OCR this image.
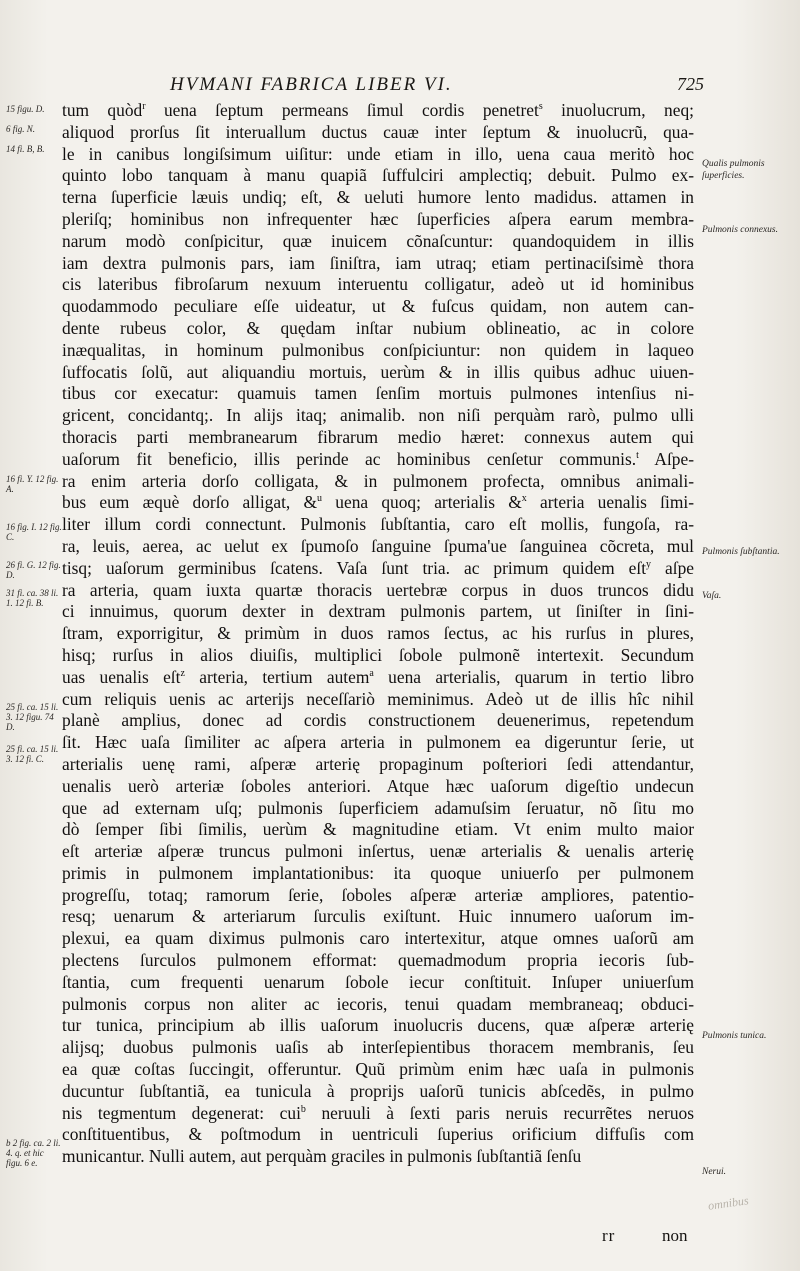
HVMANI FABRICA LIBER VI.	725
15 figu. D.
6 fig. N.
14 fi. B, B.
16 fi. Y. 12 fig. A.
16 fig. I. 12 fig. C.
26 fi. G. 12 fig. D.
31 fi. ca. 38 li. 1. 12 fi. B.
25 fi. ca. 15 li. 3. 12 figu. 74 D.
25 fi. ca. 15 li. 3. 12 fi. C.
b 2 fig. ca. 2 li. 4. q. et hic figu. 6 e.
tum quòd$^r$ uena ſeptum permeans ſimul cordis penetret$^s$ inuolucrum, neq;
aliquod prorſus ſit interuallum ductus cauæ inter ſeptum & inuolucrũ, qua-
le in canibus longiſsimum uiſitur: unde etiam in illo, uena caua meritò hoc
quinto lobo tanquam à manu quapiã ſuffulciri amplectiq; debuit. Pulmo ex-
terna ſuperficie læuis undiq; eſt, & ueluti humore lento madidus. attamen in
pleriſq; hominibus non infrequenter hæc ſuperficies aſpera earum membra-
narum modò conſpicitur, quæ inuicem cõnaſcuntur: quandoquidem in illis
iam dextra pulmonis pars, iam ſiniſtra, iam utraq; etiam pertinaciſsimè thora
cis lateribus fibroſarum nexuum interuentu colligatur, adeò ut id hominibus
quodammodo peculiare eſſe uideatur, ut & fuſcus quidam, non autem can-
dente rubeus color, & quędam inſtar nubium oblineatio, ac in colore
inæqualitas, in hominum pulmonibus conſpiciuntur: non quidem in laqueo
ſuffocatis ſolũ, aut aliquandiu mortuis, uerùm & in illis quibus adhuc uiuen-
tibus cor execatur: quamuis tamen ſenſim mortuis pulmones intenſius ni-
gricent, concidantq;. In alijs itaq; animalib. non niſi perquàm rarò, pulmo ulli
thoracis parti membranearum fibrarum medio hæret: connexus autem qui
uaſorum fit beneficio, illis perinde ac hominibus cenſetur communis.$^t$ Aſpe-
ra enim arteria dorſo colligata, & in pulmonem profecta, omnibus animali-
bus eum æquè dorſo alligat, &$^u$ uena quoq; arterialis &$^x$ arteria uenalis ſimi-
liter illum cordi connectunt. Pulmonis ſubſtantia, caro eſt mollis, fungoſa, ra-
ra, leuis, aerea, ac uelut ex ſpumoſo ſanguine ſpuma'ue ſanguinea cõcreta, mul
tisq; uaſorum germinibus ſcatens. Vaſa ſunt tria. ac primum quidem eſt$^y$ aſpe
ra arteria, quam iuxta quartæ thoracis uertebræ corpus in duos truncos didu
ci innuimus, quorum dexter in dextram pulmonis partem, ut ſiniſter in ſini-
ſtram, exporrigitur, & primùm in duos ramos ſectus, ac his rurſus in plures,
hisq; rurſus in alios diuiſis, multiplici ſobole pulmonẽ intertexit. Secundum
uas uenalis eſt$^z$ arteria, tertium autem$^a$ uena arterialis, quarum in tertio libro
cum reliquis uenis ac arterijs neceſſariò meminimus. Adeò ut de illis hîc nihil
planè amplius, donec ad cordis constructionem deuenerimus, repetendum
ſit. Hæc uaſa ſimiliter ac aſpera arteria in pulmonem ea digeruntur ſerie, ut
arterialis uenę rami, aſperæ arterię propaginum poſteriori ſedi attendantur,
uenalis uerò arteriæ ſoboles anteriori. Atque hæc uaſorum digeſtio undecun
que ad externam uſq; pulmonis ſuperficiem adamuſsim ſeruatur, nõ ſitu mo
dò ſemper ſibi ſimilis, uerùm & magnitudine etiam. Vt enim multo maior
eſt arteriæ aſperæ truncus pulmoni inſertus, uenæ arterialis & uenalis arterię
primis in pulmonem implantationibus: ita quoque uniuerſo per pulmonem
progreſſu, totaq; ramorum ſerie, ſoboles aſperæ arteriæ ampliores, patentio-
resq; uenarum & arteriarum ſurculis exiſtunt. Huic innumero uaſorum im-
plexui, ea quam diximus pulmonis caro intertexitur, atque omnes uaſorũ am
plectens ſurculos pulmonem efformat: quemadmodum propria iecoris ſub-
ſtantia, cum frequenti uenarum ſobole iecur conſtituit. Inſuper uniuerſum
pulmonis corpus non aliter ac iecoris, tenui quadam membraneaq; obduci-
tur tunica, principium ab illis uaſorum inuolucris ducens, quæ aſperæ arterię
alijsq; duobus pulmonis uaſis ab interſepientibus thoracem membranis, ſeu
ea quæ coſtas ſuccingit, offeruntur. Quũ primùm enim hæc uaſa in pulmonis
ducuntur ſubſtantiã, ea tunicula à proprijs uaſorũ tunicis abſcedẽs, in pulmo
nis tegmentum degenerat: cui$^b$ neruuli à ſexti paris neruis recurrẽtes neruos
conſtituentibus, & poſtmodum in uentriculi ſuperius orificium diffuſis com
municantur. Nulli autem, aut perquàm graciles in pulmonis ſubſtantiã ſenſu
Qualis pulmonis ſuperficies.
Pulmonis connexus.
Pulmonis ſubſtantia.
Vaſa.
Pulmonis tunica.
Nerui.
omnibus
rr	non
